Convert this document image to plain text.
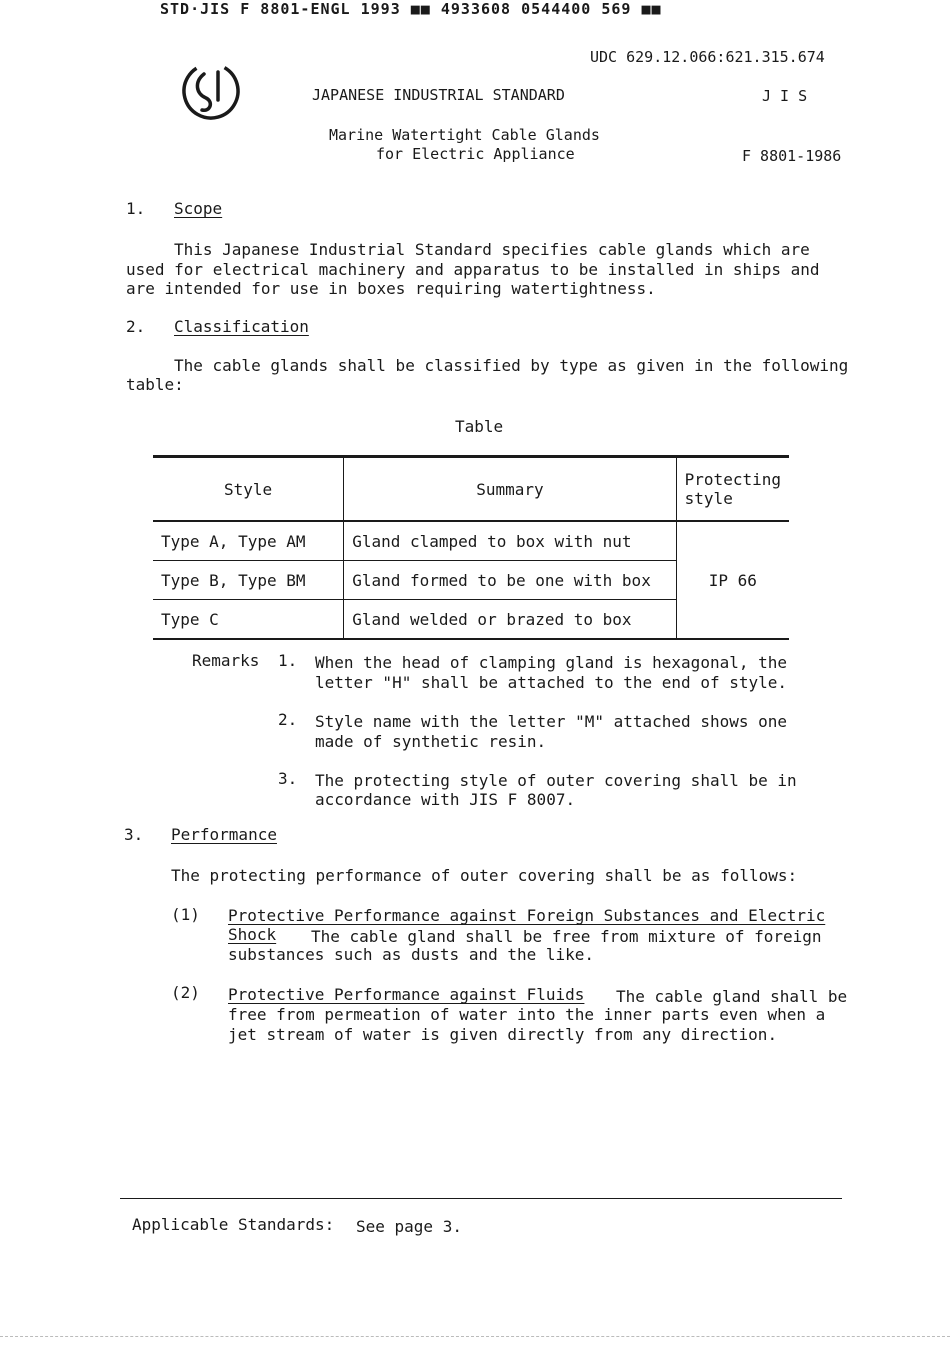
STD·JIS F 8801-ENGL 1993 ■■ 4933608 0544400 569 ■■
UDC 629.12.066:621.315.674
JAPANESE INDUSTRIAL STANDARD	J I S
Marine Watertight Cable Glands
for Electric Appliance	F 8801-1986
1. Scope
This Japanese Industrial Standard specifies cable glands which are
used for electrical machinery and apparatus to be installed in ships and
are intended for use in boxes requiring watertightness.
2. Classification
The cable glands shall be classified by type as given in the following
table:
Table
Style	Summary	Protecting style
Type A, Type AM	Gland clamped to box with nut	IP 66
Type B, Type BM	Gland formed to be one with box	
Type C	Gland welded or brazed to box	
Remarks 1. When the head of clamping gland is hexagonal, the
letter "H" shall be attached to the end of style.
2. Style name with the letter "M" attached shows one
made of synthetic resin.
3. The protecting style of outer covering shall be in
accordance with JIS F 8007.
3. Performance
The protecting performance of outer covering shall be as follows:
(1) Protective Performance against Foreign Substances and Electric
Shock The cable gland shall be free from mixture of foreign
substances such as dusts and the like.
(2) Protective Performance against Fluids The cable gland shall be
free from permeation of water into the inner parts even when a
jet stream of water is given directly from any direction.
Applicable Standards: See page 3.
